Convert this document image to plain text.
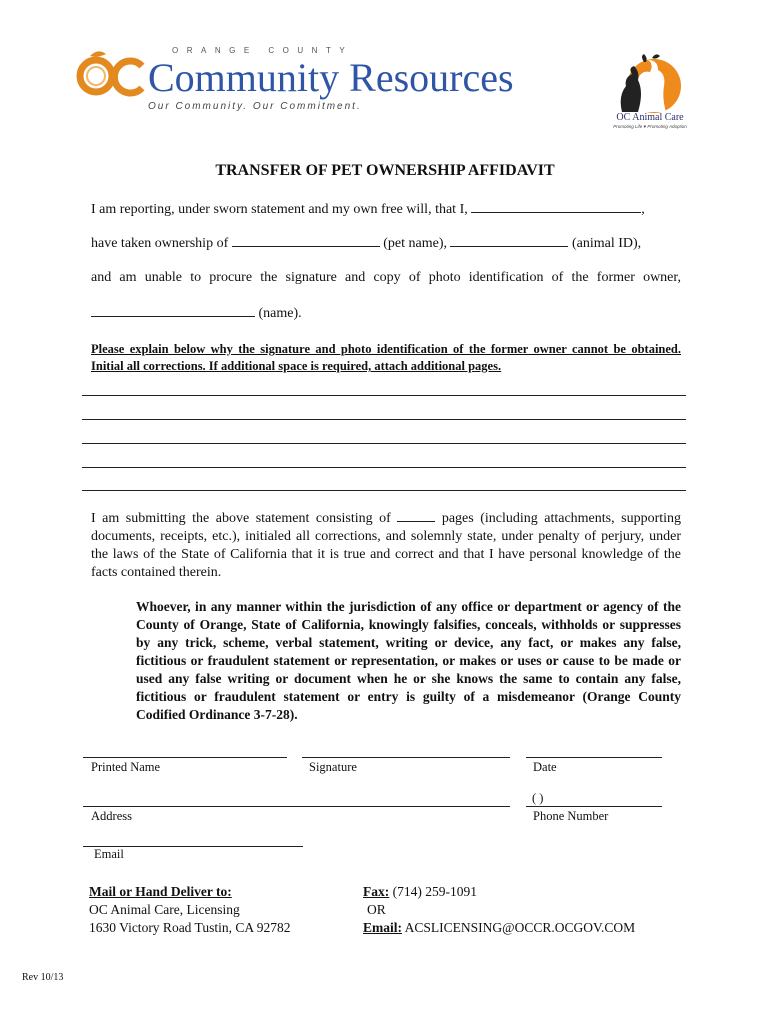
ORANGE COUNTY
Community Resources
Our Community. Our Commitment.
OC Animal Care
Promoting Life ♥ Promoting Adoption
TRANSFER OF PET OWNERSHIP AFFIDAVIT
I am reporting, under sworn statement and my own free will, that I,	,
have taken ownership of	(pet name),	(animal ID),
and am unable to procure the signature and copy of photo identification of the former owner,
(name).
Please explain below why the signature and photo identification of the former owner cannot be obtained. Initial all corrections. If additional space is required, attach additional pages.
I am submitting the above statement consisting of	pages (including attachments, supporting documents, receipts, etc.), initialed all corrections, and solemnly state, under penalty of perjury, under the laws of the State of California that it is true and correct and that I have personal knowledge of the facts contained therein.
Whoever, in any manner within the jurisdiction of any office or department or agency of the County of Orange, State of California, knowingly falsifies, conceals, withholds or suppresses by any trick, scheme, verbal statement, writing or device, any fact, or makes any false, fictitious or fraudulent statement or representation, or makes or uses or cause to be made or used any false writing or document when he or she knows the same to contain any false, fictitious or fraudulent statement or entry is guilty of a misdemeanor (Orange County Codified Ordinance 3-7-28).
Printed Name	Signature	Date
( )
Address	Phone Number
Email
Mail or Hand Deliver to:
OC Animal Care, Licensing
1630 Victory Road Tustin, CA 92782
Fax: (714) 259-1091
OR
Email: ACSLICENSING@OCCR.OCGOV.COM
Rev 10/13
